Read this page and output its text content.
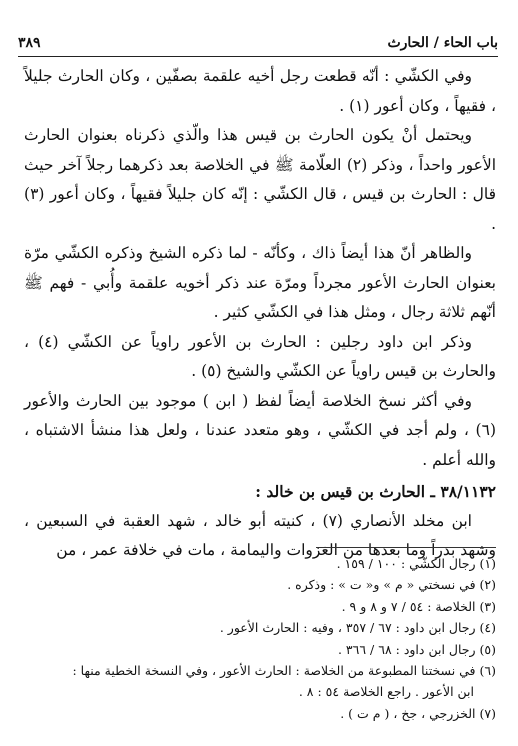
باب الحاء / الحارث
٣٨٩

وفي الكشّي : أنّه قطعت رجل أخيه علقمة بصفّين ، وكان الحارث جليلاً ، فقيهاً ، وكان أعور (١) .

ويحتمل أنْ يكون الحارث بن قيس هذا والّذي ذكرناه بعنوان الحارث الأعور واحداً ، وذكر (٢) العلّامة ﷺ في الخلاصة بعد ذكرهما رجلاً آخر حيث قال : الحارث بن قيس ، قال الكشّي : إنّه كان جليلاً فقيهاً ، وكان أعور (٣) .

والظاهر أنّ هذا أيضاً ذاك ، وكأنّه - لما ذكره الشيخ وذكره الكشّي مرّة بعنوان الحارث الأعور مجرداً ومرّة عند ذكر أخويه علقمة وأُبي - فهم ﷺ أنّهم ثلاثة رجال ، ومثل هذا في الكشّي كثير .

وذكر ابن داود رجلين : الحارث بن الأعور راوياً عن الكشّي (٤) ، والحارث بن قيس راوياً عن الكشّي والشيخ (٥) .

وفي أكثر نسخ الخلاصة أيضاً لفظ ( ابن ) موجود بين الحارث والأعور (٦) ، ولم أجد في الكشّي ، وهو متعدد عندنا ، ولعل هذا منشأ الاشتباه ، والله أعلم .

٣٨/١١٣٢ ـ الحارث بن قيس بن خالد :

ابن مخلد الأنصاري (٧) ، كنيته أبو خالد ، شهد العقبة في السبعين ، وشهد بدراً وما بعدها من الغزوات واليمامة ، مات في خلافة عمر ، من

(١) رجال الكشّي : ١٠٠ / ١٥٩ .

(٢) في نسختي « م » و« ت » : وذكره .

(٣) الخلاصة : ٥٤ / ٧ و ٨ و ٩ .

(٤) رجال ابن داود : ٦٧ / ٣٥٧ ، وفيه : الحارث الأعور .

(٥) رجال ابن داود : ٦٨ / ٣٦٦ .

(٦) في نسختنا المطبوعة من الخلاصة : الحارث الأعور ، وفي النسخة الخطية منها :

ابن الأعور . راجع الخلاصة ٥٤ : ٨ .

(٧) الخزرجي ، جخ ، ( م ت ) .
